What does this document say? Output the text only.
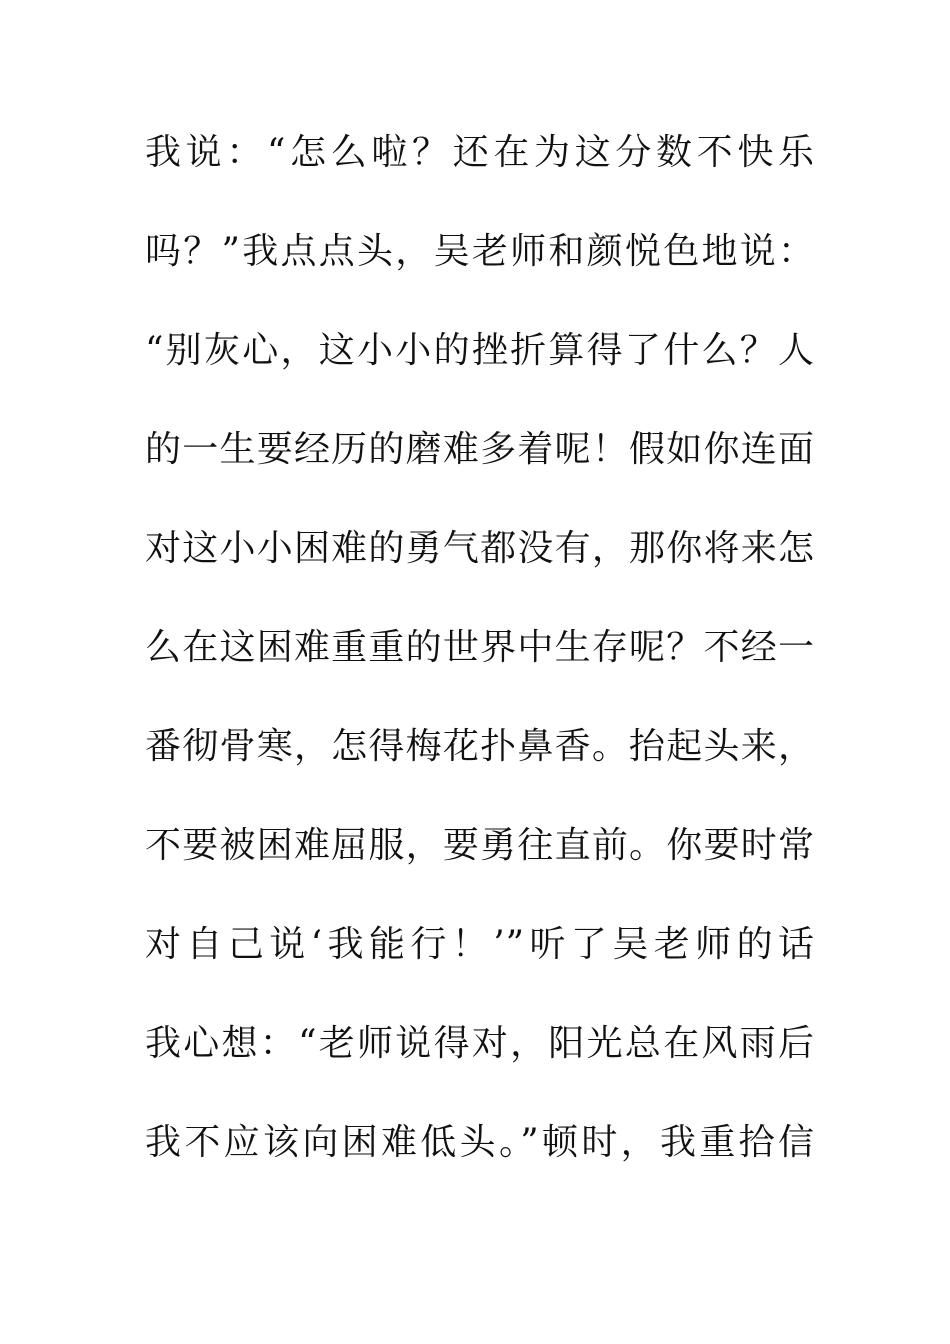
我说：“怎么啦？还在为这分数不快乐
吗？”我点点头，吴老师和颜悦色地说：
“别灰心，这小小的挫折算得了什么？人
的一生要经历的磨难多着呢！假如你连面
对这小小困难的勇气都没有，那你将来怎
么在这困难重重的世界中生存呢？不经一
番彻骨寒，怎得梅花扑鼻香。抬起头来，
不要被困难屈服，要勇往直前。你要时常
对自己说‘我能行！’”听了吴老师的话
我心想：“老师说得对，阳光总在风雨后
我不应该向困难低头。”顿时，我重拾信
